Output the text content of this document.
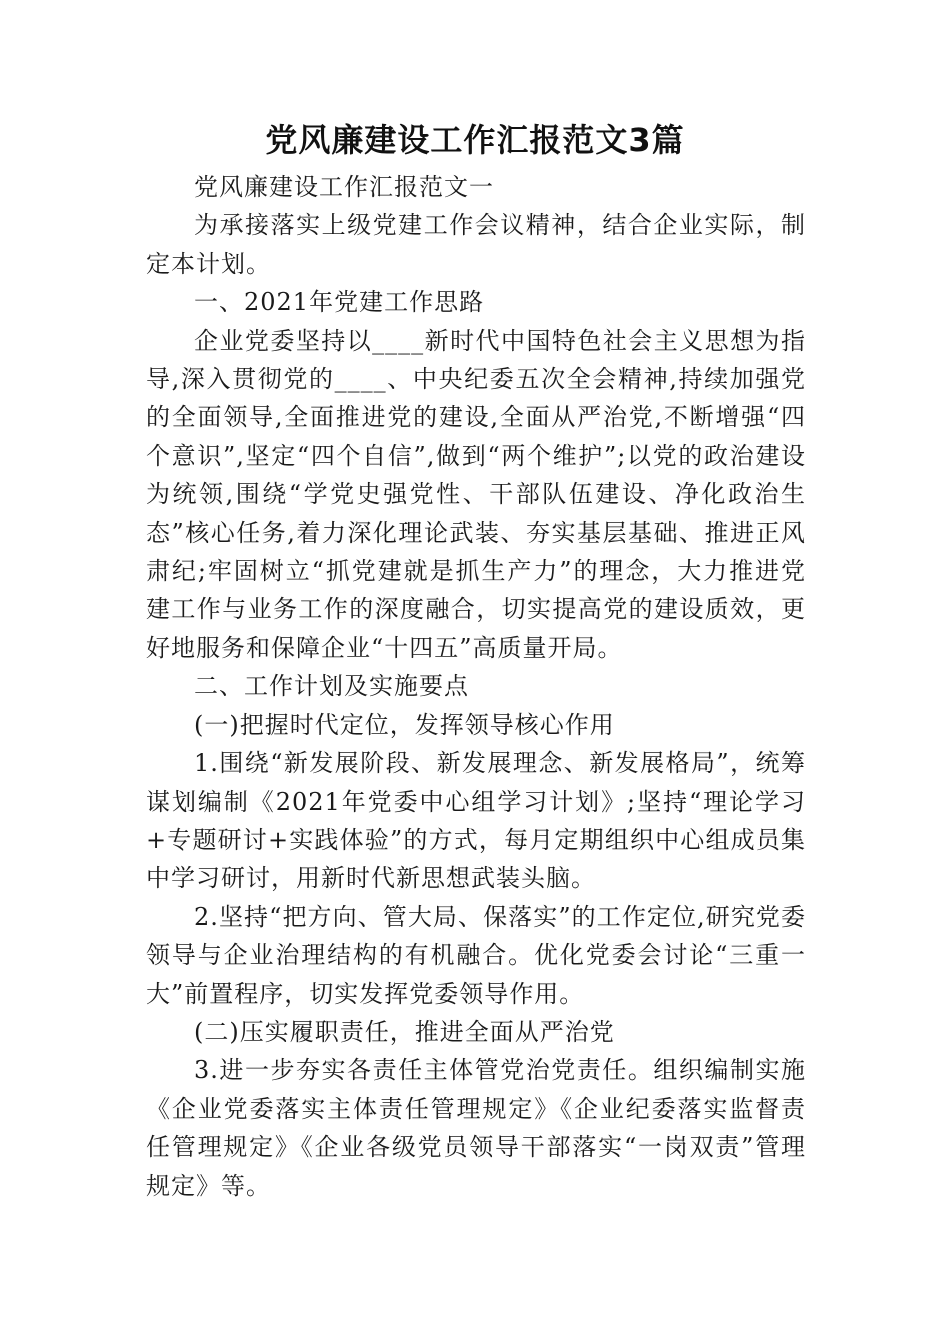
党风廉建设工作汇报范文3篇

党风廉建设工作汇报范文一

为承接落实上级党建工作会议精神，结合企业实际，制定本计划。

一、2021年党建工作思路

企业党委坚持以____新时代中国特色社会主义思想为指导,深入贯彻党的____、中央纪委五次全会精神,持续加强党的全面领导,全面推进党的建设,全面从严治党,不断增强“四个意识”,坚定“四个自信”,做到“两个维护”;以党的政治建设为统领,围绕“学党史强党性、干部队伍建设、净化政治生态”核心任务,着力深化理论武装、夯实基层基础、推进正风肃纪;牢固树立“抓党建就是抓生产力”的理念，大力推进党建工作与业务工作的深度融合，切实提高党的建设质效，更好地服务和保障企业“十四五”高质量开局。

二、工作计划及实施要点

(一)把握时代定位，发挥领导核心作用

1.围绕“新发展阶段、新发展理念、新发展格局”，统筹谋划编制《2021年党委中心组学习计划》;坚持“理论学习+专题研讨+实践体验”的方式，每月定期组织中心组成员集中学习研讨，用新时代新思想武装头脑。

2.坚持“把方向、管大局、保落实”的工作定位,研究党委领导与企业治理结构的有机融合。优化党委会讨论“三重一大”前置程序，切实发挥党委领导作用。

(二)压实履职责任，推进全面从严治党

3.进一步夯实各责任主体管党治党责任。组织编制实施《企业党委落实主体责任管理规定》《企业纪委落实监督责任管理规定》《企业各级党员领导干部落实“一岗双责”管理规定》等。
